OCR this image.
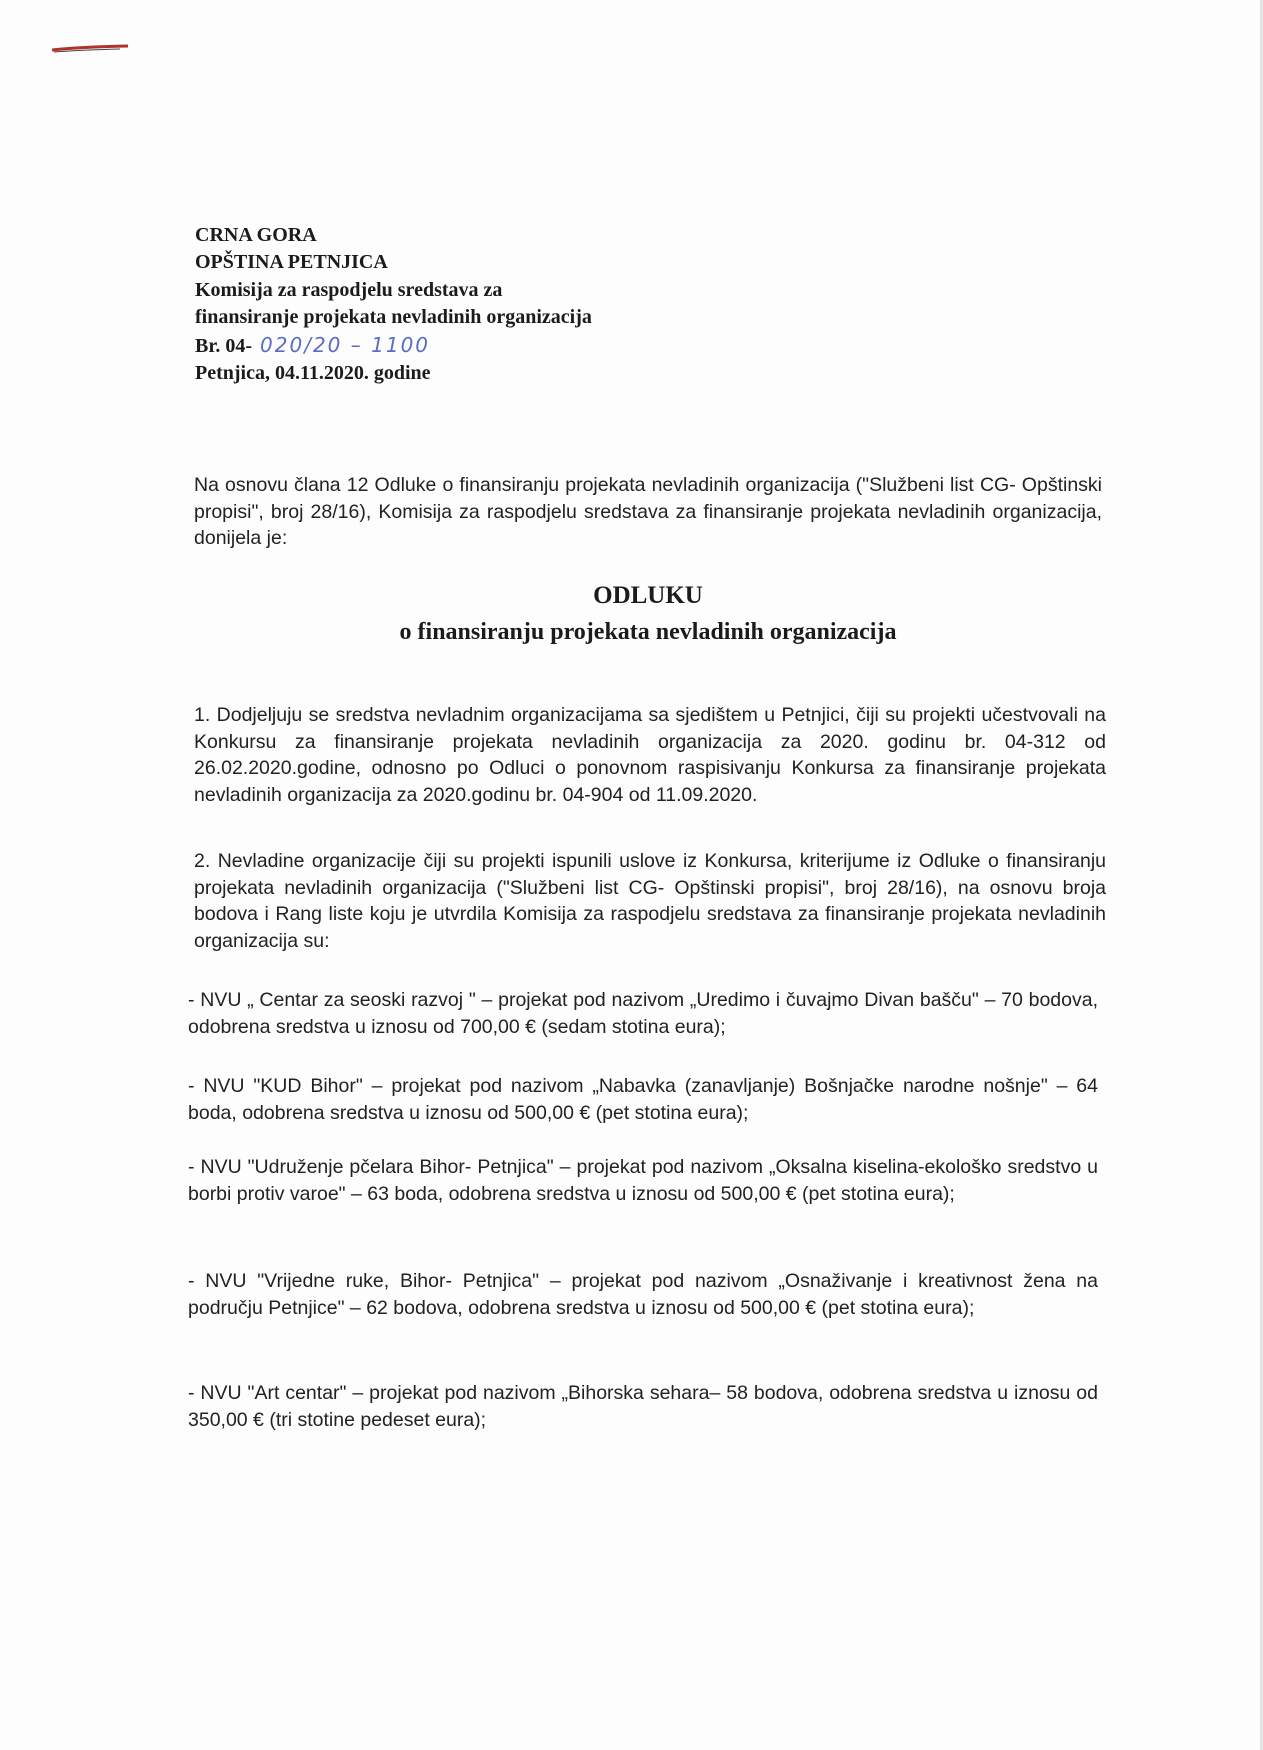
CRNA GORA
OPŠTINA PETNJICA
Komisija za raspodjelu sredstava za
finansiranje projekata nevladinih organizacija
Br. 04- 020/20 – 1100
Petnjica, 04.11.2020. godine
Na osnovu člana 12 Odluke o finansiranju projekata nevladinih organizacija ("Službeni list CG- Opštinski propisi", broj 28/16), Komisija za raspodjelu sredstava za finansiranje projekata nevladinih organizacija, donijela je:
ODLUKU
o finansiranju projekata nevladinih organizacija
1. Dodjeljuju se sredstva nevladnim organizacijama sa sjedištem u Petnjici, čiji su projekti učestvovali na Konkursu za finansiranje projekata nevladinih organizacija za 2020. godinu br. 04-312 od 26.02.2020.godine, odnosno po Odluci o ponovnom raspisivanju Konkursa za finansiranje projekata nevladinih organizacija za 2020.godinu br. 04-904 od 11.09.2020.
2. Nevladine organizacije čiji su projekti ispunili uslove iz Konkursa, kriterijume iz Odluke o finansiranju projekata nevladinih organizacija ("Službeni list CG- Opštinski propisi", broj 28/16), na osnovu broja bodova i Rang liste koju je utvrdila Komisija za raspodjelu sredstava za finansiranje projekata nevladinih organizacija su:
- NVU „ Centar za seoski razvoj " – projekat pod nazivom „Uredimo i čuvajmo Divan bašču" – 70 bodova, odobrena sredstva u iznosu od 700,00 € (sedam stotina eura);
- NVU "KUD Bihor" – projekat pod nazivom „Nabavka (zanavljanje) Bošnjačke narodne nošnje" – 64 boda, odobrena sredstva u iznosu od 500,00 € (pet stotina eura);
- NVU "Udruženje pčelara Bihor- Petnjica" – projekat pod nazivom „Oksalna kiselina-ekološko sredstvo u borbi protiv varoe" – 63 boda, odobrena sredstva u iznosu od 500,00 € (pet stotina eura);
- NVU "Vrijedne ruke, Bihor- Petnjica" – projekat pod nazivom „Osnaživanje i kreativnost žena na području Petnjice" – 62 bodova, odobrena sredstva u iznosu od 500,00 € (pet stotina eura);
- NVU "Art centar" – projekat pod nazivom „Bihorska sehara– 58 bodova, odobrena sredstva u iznosu od 350,00 € (tri stotine pedeset eura);
